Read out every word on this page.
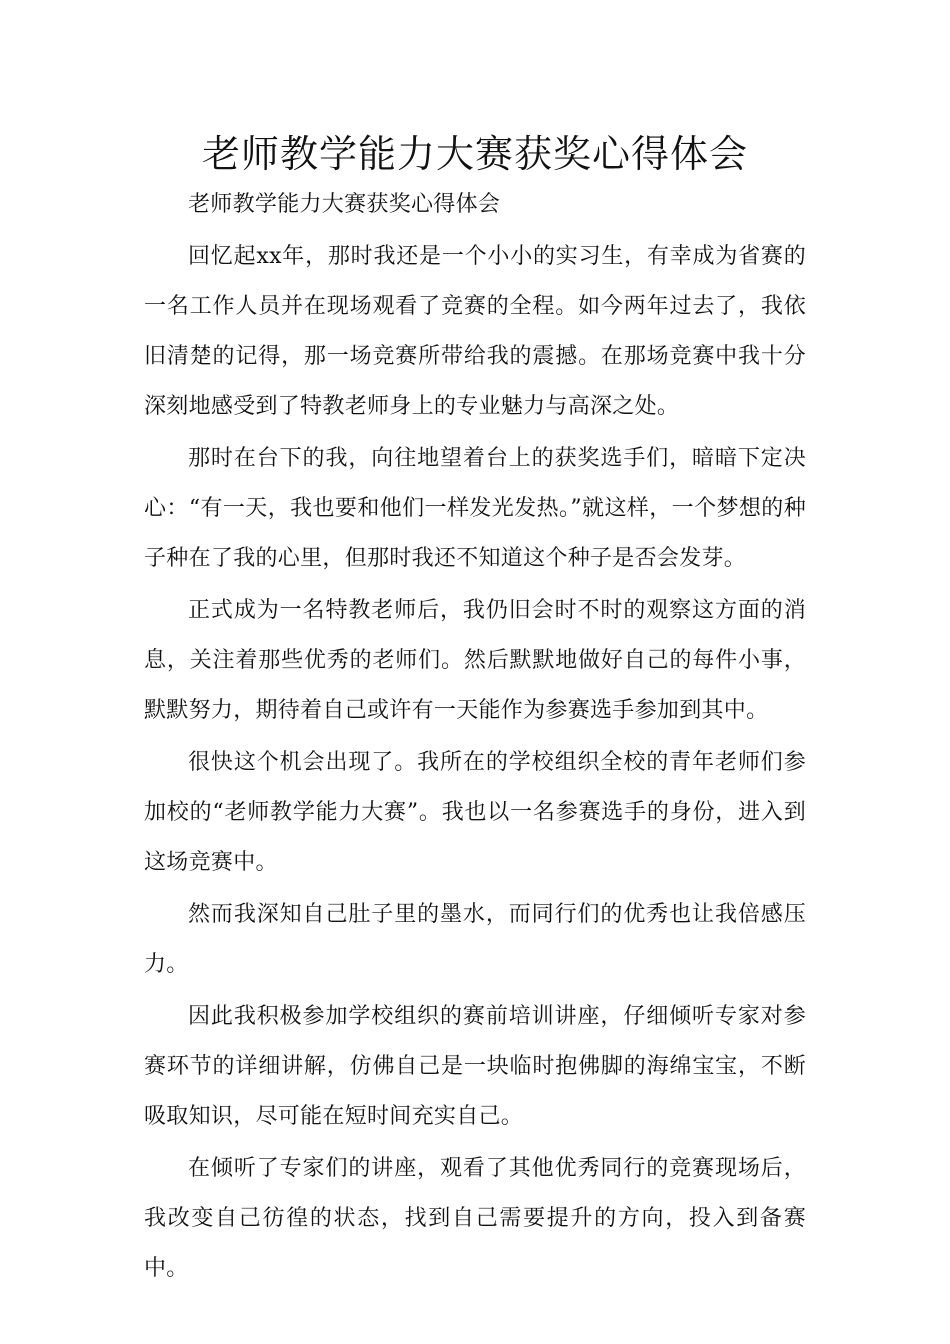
老师教学能力大赛获奖心得体会

老师教学能力大赛获奖心得体会

回忆起xx年，那时我还是一个小小的实习生，有幸成为省赛的一名工作人员并在现场观看了竞赛的全程。如今两年过去了，我依旧清楚的记得，那一场竞赛所带给我的震撼。在那场竞赛中我十分深刻地感受到了特教老师身上的专业魅力与高深之处。

那时在台下的我，向往地望着台上的获奖选手们，暗暗下定决心：“有一天，我也要和他们一样发光发热。”就这样，一个梦想的种子种在了我的心里，但那时我还不知道这个种子是否会发芽。

正式成为一名特教老师后，我仍旧会时不时的观察这方面的消息，关注着那些优秀的老师们。然后默默地做好自己的每件小事，默默努力，期待着自己或许有一天能作为参赛选手参加到其中。

很快这个机会出现了。我所在的学校组织全校的青年老师们参加校的“老师教学能力大赛”。我也以一名参赛选手的身份，进入到这场竞赛中。

然而我深知自己肚子里的墨水，而同行们的优秀也让我倍感压力。

因此我积极参加学校组织的赛前培训讲座，仔细倾听专家对参赛环节的详细讲解，仿佛自己是一块临时抱佛脚的海绵宝宝，不断吸取知识，尽可能在短时间充实自己。

在倾听了专家们的讲座，观看了其他优秀同行的竞赛现场后，我改变自己彷徨的状态，找到自己需要提升的方向，投入到备赛中。
